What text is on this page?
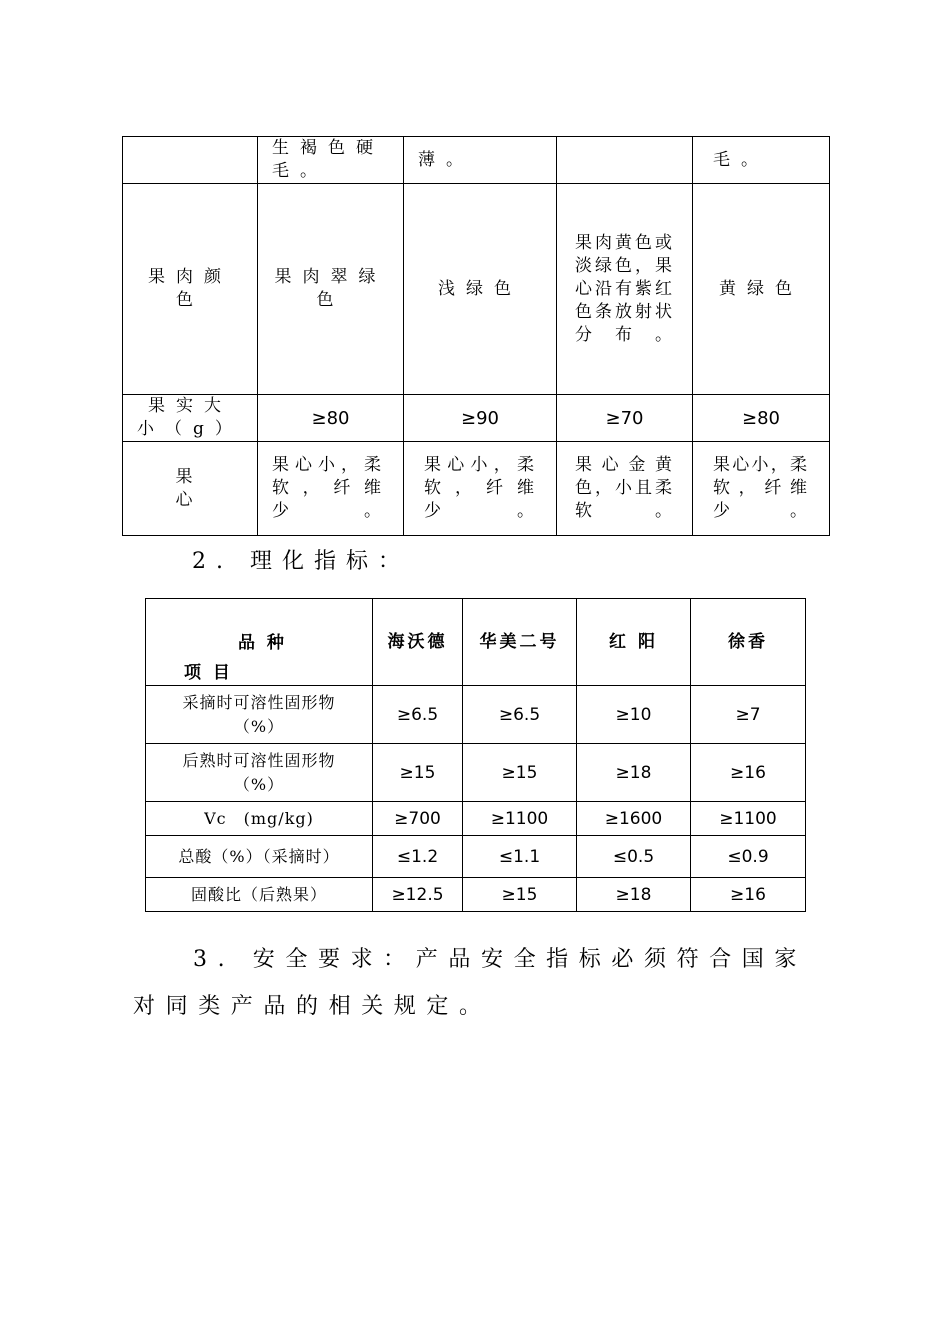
	生褐色硬毛。	薄。		毛。
果肉颜色	果肉翠绿色	浅绿色	果肉黄色或淡绿色，果心沿有紫红色条放射状分布。	黄绿色
果实大小（g）	≥80	≥90	≥70	≥80
果心	果心小，柔软，纤维少。	果心小，柔软，纤维少。	果心金黄色，小且柔软。	果心小，柔软，纤维少。
2. 理化指标：
品 种
项 目	海沃德	华美二号	红 阳	徐香
采摘时可溶性固形物（%）	≥6.5	≥6.5	≥10	≥7
后熟时可溶性固形物（%）	≥15	≥15	≥18	≥16
Vc　(mg/kg)	≥700	≥1100	≥1600	≥1100
总酸（%）（采摘时）	≤1.2	≤1.1	≤0.5	≤0.9
固酸比（后熟果）	≥12.5	≥15	≥18	≥16

3. 安全要求：产品安全指标必须符合国家对同类产品的相关规定。
